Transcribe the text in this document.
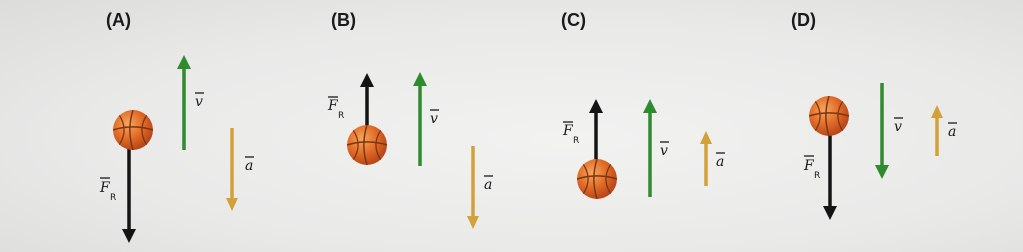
(A)
v
a
F
R
(B)
F
R	v
a
(C)
F
R
v
a
(D)
F
R
v	a
